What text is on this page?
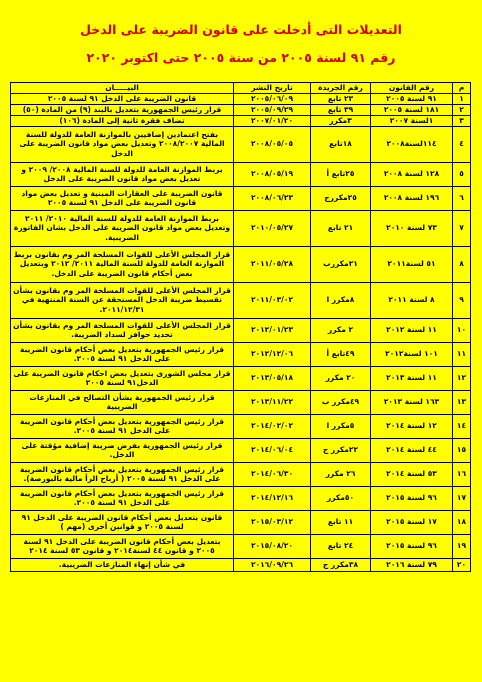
التعديلات التى أدخلت على قانون الضريبة على الدخل
رقم ٩١ لسنة ٢٠٠٥ من سنة ٢٠٠٥ حتى اكتوبر ٢٠٢٠
م	رقم القانون	رقم الجريدة	تاريخ النشر	البيـــــان
١	٩١ لسنة ٢٠٠٥	٢٣ تابع	٢٠٠٥/٠٦/٠٩	قانون الضريبة على الدخل ٩١ لسنة ٢٠٠٥
٢	١٨١ لسنة ٢٠٠٥	٣٩ تابع	٢٠٠٥/٠٩/٢٩	قرار رئيس الجمهورية بتعديل بالبند (٩) من المادة (٥٠)
٣	١لسنة ٢٠٠٧	٣مكرر	٢٠٠٧/٠١/٢٠	تضاف فقرة ثانية إلى المادة (١٠٦)
٤	١١٤لسنة٢٠٠٨	١٨تابع	٢٠٠٨/٠٥/٠٥	بفتح اعتمادين إضافيين بالموازنة العامة للدولة للسنة المالية ٢٠٠٨/٢٠٠٧ وتعديل بعض مواد قانون الضريبة على الدخل
٥	١٢٨ لسنة ٢٠٠٨	٢٥تابع أ	٢٠٠٨/٠٥/١٩	بربط الموازنة العامة للدولة للسنة المالية ٢٠٠٨/ ٢٠٠٩ و تعديل بعض مواد قانون الضريبة على الدخل
٦	١٩٦ لسنة ٢٠٠٨	٢٥مكررج	٢٠٠٨/٠٦/٢٣	قانون الضريبة على العقارات المبنية و تعديل بعض مواد قانون الضريبة على الدخل ٩١ لسنة ٢٠٠٥
٧	٧٣ لسنة ٢٠١٠	٢١ تابع	٢٠١٠/٠٥/٢٧	بربط الموازنة العامة للدولة للسنة المالية ٢٠١٠/ ٢٠١١ وتعديل بعض مواد قانون الضريبة على الدخل بشان الفاتورة الضريبية.
٨	٥١ لسنة٢٠١١	٢١مكررب	٢٠١١/٠٥/٢٨	قرار المجلس الأعلى للقوات المسلحة المر وم بقانون بربط الموازنة العامة للدولة للسنة المالية ٢٠١١/ ٢٠١٢ وبتعديل بعض أحكام قانون الضريبة على الدخل.
٩	٨ لسنة ٢٠١١	٨مكرر ا	٢٠١١/٠٣/٠٢	قرار المجلس الأعلى للقوات المسلحة المر وم بقانون بشأن تقسيط ضريبة الدخل المستحقة عن السنة المنتهية في ٢٠١١/١٢/٣١.
١٠	١١ لسنة ٢٠١٢	٢ مكرر	٢٠١٢/٠١/٢٣	قرار المجلس الأعلى للقوات المسلحة المر وم بقانون بشأن تحديد حوافز لسداد الضريبة.
١١	١٠١ لسنة٢٠١٢	٤٩تابع أ	٢٠١٢/١٢/٠٦	قرار رئيس الجمهورية بتعديل بعض أحكام قانون الضريبة على الدخل ٩١ لسنة ٢٠٠٥.
١٢	١١ لسنة ٢٠١٣	٢٠ مكرر	٢٠١٣/٠٥/١٨	قرار مجلس الشورى بتعديل بعض احكام قانون الضريبة على الدخل٩١ لسنة ٢٠٠٥
١٣	١٦٣ لسنة ٢٠١٣	٤٩مكرر ب	٢٠١٣/١١/٢٢	قرار رئيس الجمهورية بشأن التصالح في المنازعات الضريبية
١٤	١٢ لسنة ٢٠١٤	٥مكرر ا	٢٠١٤/٠٢/٠٢	قرار رئيس الجمهورية بتعديل بعض أحكام قانون الضريبة على الدخل ٩١ لسنة ٢٠٠٥.
١٥	٤٤ لسنة ٢٠١٤	٢٢مكرر ج	٢٠١٤/٠٦/٠٤	قرار رئيس الجمهورية بفرض ضريبة إضافية مؤقتة على الدخل.
١٦	٥٣ لسنة ٢٠١٤	٢٦ مكرر	٢٠١٤/٠٦/٣٠	قرار رئيس الجمهورية بتعديل بعض أحكام قانون الضريبة على الدخل ٩١ لسنة ٢٠٠٥ ( أرباح الرأ مالية بالبورصة).
١٧	٩٦ لسنة ٢٠١٥	٥٠مكرر	٢٠١٤/١٢/١٦	قرار رئيس الجمهورية بتعديل بعض أحكام قانون الضريبة على الدخل ٩١ لسنة ٢٠٠٥.
١٨	١٧ لسنة ٢٠١٥	١١ تابع	٢٠١٥/٠٣/١٢	قانون بتعديل بعض أحكام قانون الضريبة على الدخل ٩١ لسنة ٢٠٠٥ و قوانين أخرى (مهم )
١٩	٩٦ لسنة ٢٠١٥	٢٤ تابع	٢٠١٥/٠٨/٢٠	بتعديل بعض أحكام قانون الضريبة على الدخل ٩١ لسنة ٢٠٠٥ و قانون ٤٤ لسنة٢٠١٤ و قانون ٥٣ لسنة ٢٠١٤
٢٠	٧٩ لسنة ٢٠١٦	٣٨مكرر ج	٢٠١٦/٠٩/٢٦	في شأن إنهاء المنازعات الضريبية.
